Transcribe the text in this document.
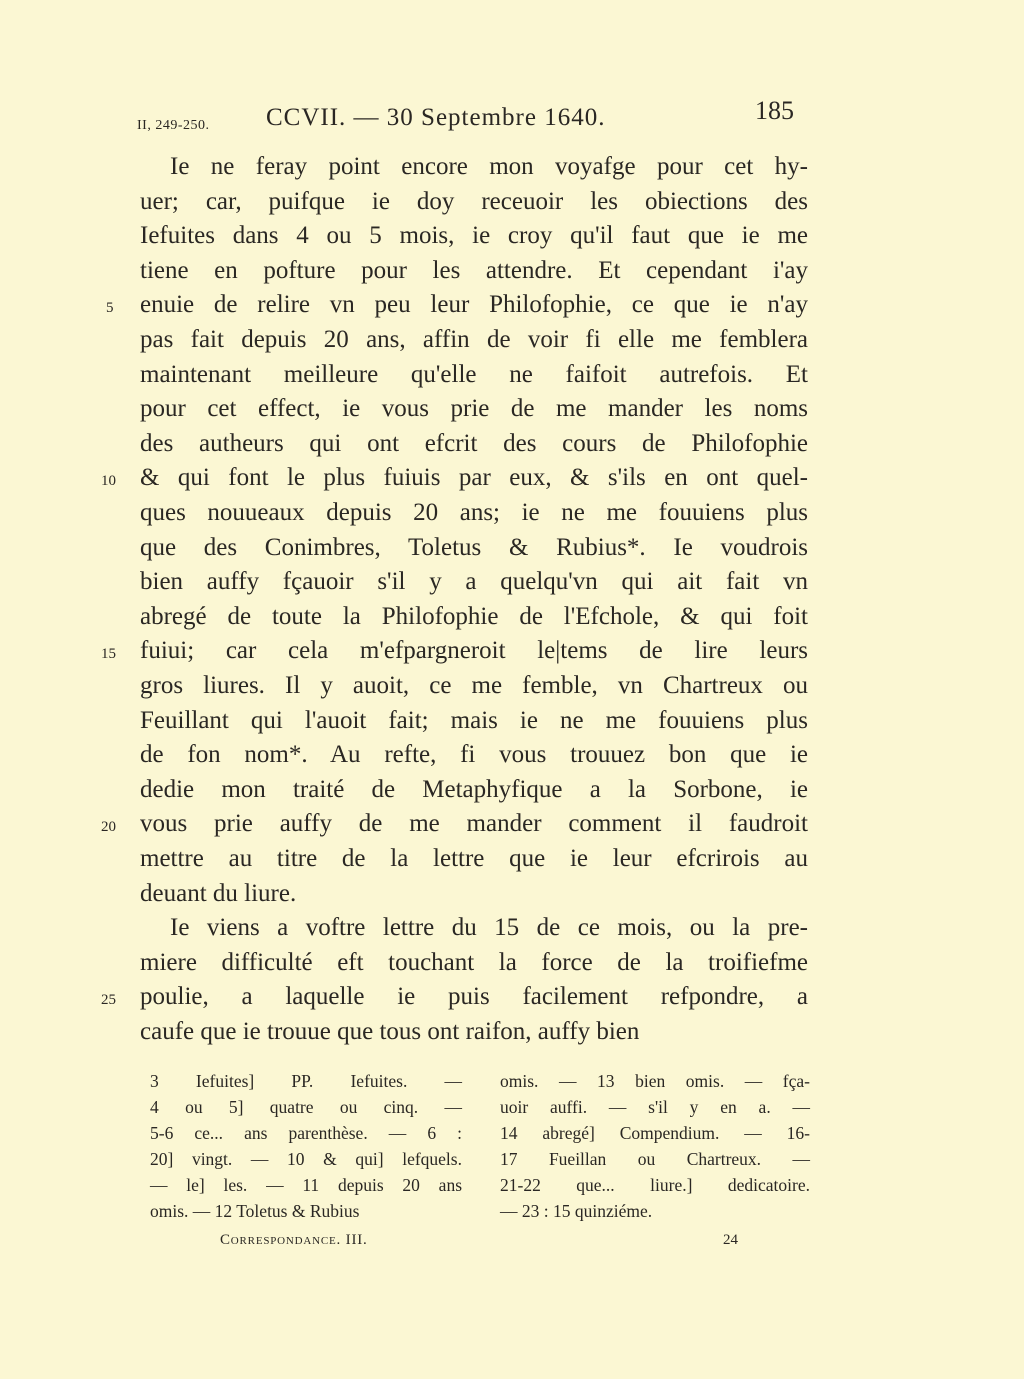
II, 249-250. CCVII. — 30 Septembre 1640.	185
Ie ne feray point encore mon voyafge pour cet hy-
uer; car, puifque ie doy receuoir les obiections des
Iefuites dans 4 ou 5 mois, ie croy qu'il faut que ie me
tiene en pofture pour les attendre. Et cependant i'ay
5 enuie de relire vn peu leur Philofophie, ce que ie n'ay
pas fait depuis 20 ans, affin de voir fi elle me femblera
maintenant meilleure qu'elle ne faifoit autrefois. Et
pour cet effect, ie vous prie de me mander les noms
des autheurs qui ont efcrit des cours de Philofophie
10 & qui font le plus fuiuis par eux, & s'ils en ont quel-
ques nouueaux depuis 20 ans; ie ne me fouuiens plus
que des Conimbres, Toletus & Rubius*. Ie voudrois
bien auffy fçauoir s'il y a quelqu'vn qui ait fait vn
abregé de toute la Philofophie de l'Efchole, & qui foit
15 fuiui; car cela m'efpargneroit le|tems de lire leurs
gros liures. Il y auoit, ce me femble, vn Chartreux ou
Feuillant qui l'auoit fait; mais ie ne me fouuiens plus
de fon nom*. Au refte, fi vous trouuez bon que ie
dedie mon traité de Metaphyfique a la Sorbone, ie
20 vous prie auffy de me mander comment il faudroit
mettre au titre de la lettre que ie leur efcrirois au
deuant du liure.
Ie viens a voftre lettre du 15 de ce mois, ou la pre-
miere difficulté eft touchant la force de la troifiefme
25 poulie, a laquelle ie puis facilement refpondre, a
caufe que ie trouue que tous ont raifon, auffy bien
3 Iefuites] PP. Iefuites. —
4 ou 5] quatre ou cinq. —
5-6 ce... ans parenthèse. — 6 :
20] vingt. — 10 & qui] lefquels.
— le] les. — 11 depuis 20 ans
omis. — 12 Toletus & Rubius
omis. — 13 bien omis. — fça-
uoir auffi. — s'il y en a. —
14 abregé] Compendium. — 16-
17 Fueillan ou Chartreux. —
21-22 que... liure.] dedicatoire.
— 23 : 15 quinziéme.
Correspondance. III.	24
